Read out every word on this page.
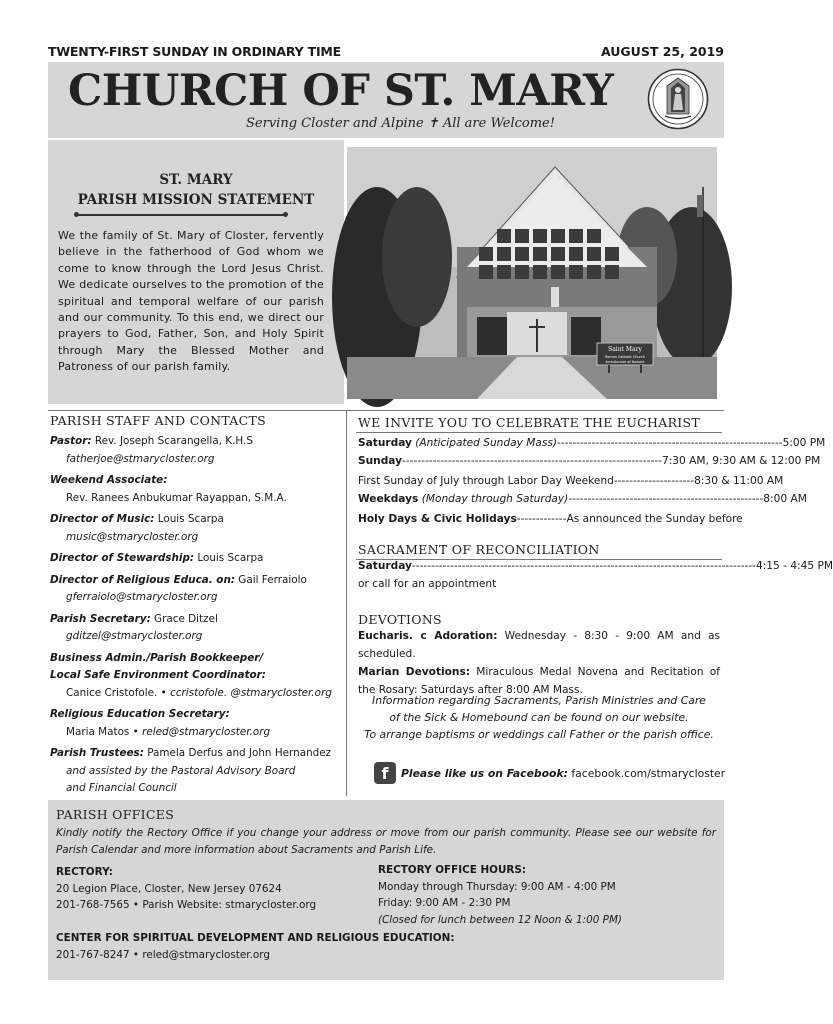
TWENTY-FIRST SUNDAY IN ORDINARY TIME	AUGUST 25, 2019
CHURCH OF ST. MARY
Serving Closter and Alpine ✝ All are Welcome!
ST. MARY
PARISH MISSION STATEMENT
We the family of St. Mary of Closter, fervently believe in the fatherhood of God whom we come to know through the Lord Jesus Christ. We dedicate ourselves to the promotion of the spiritual and temporal welfare of our parish and our community. To this end, we direct our prayers to God, Father, Son, and Holy Spirit through Mary the Blessed Mother and Patroness of our parish family.
Saint Mary
Roman Catholic Church
Archdiocese of Newark
PARISH STAFF AND CONTACTS
Pastor: Rev. Joseph Scarangella, K.H.S
fatherjoe@stmarycloster.org
Weekend Associate:
Rev. Ranees Anbukumar Rayappan, S.M.A.
Director of Music: Louis Scarpa
music@stmarycloster.org
Director of Stewardship: Louis Scarpa
Director of Religious Educa. on: Gail Ferraiolo
gferraiolo@stmarycloster.org
Parish Secretary: Grace Ditzel
gditzel@stmarycloster.org
Business Admin./Parish Bookkeeper/
Local Safe Environment Coordinator:
Canice Cristofole. • ccristofole. @stmarycloster.org
Religious Education Secretary:
Maria Matos • reled@stmarycloster.org
Parish Trustees: Pamela Derfus and John Hernandez
and assisted by the Pastoral Advisory Board
and Financial Council
WE INVITE YOU TO CELEBRATE THE EUCHARIST
Saturday (Anticipated Sunday Mass) ----------------------------------------------------------- 5:00 PM
Sunday -------------------------------------------------------------------- 7:30 AM, 9:30 AM & 12:00 PM
First Sunday of July through Labor Day Weekend --------------------- 8:30 & 11:00 AM
Weekdays (Monday through Saturday) --------------------------------------------------- 8:00 AM
Holy Days & Civic Holidays ------------- As announced the Sunday before
SACRAMENT OF RECONCILIATION
Saturday ------------------------------------------------------------------------------------------ 4:15 - 4:45 PM
or call for an appointment
DEVOTIONS
Eucharis. c Adoration: Wednesday - 8:30 - 9:00 AM and as scheduled.
Marian Devotions: Miraculous Medal Novena and Recitation of the Rosary: Saturdays after 8:00 AM Mass.
Information regarding Sacraments, Parish Ministries and Care
of the Sick & Homebound can be found on our website.
To arrange baptisms or weddings call Father or the parish office.
f	Please like us on Facebook: facebook.com/stmarycloster
PARISH OFFICES
Kindly notify the Rectory Office if you change your address or move from our parish community. Please see our website for Parish Calendar and more information about Sacraments and Parish Life.
RECTORY:
20 Legion Place, Closter, New Jersey 07624
201-768-7565 • Parish Website: stmarycloster.org
RECTORY OFFICE HOURS:
Monday through Thursday: 9:00 AM - 4:00 PM
Friday: 9:00 AM - 2:30 PM
(Closed for lunch between 12 Noon & 1:00 PM)
CENTER FOR SPIRITUAL DEVELOPMENT AND RELIGIOUS EDUCATION:
201-767-8247 • reled@stmarycloster.org
